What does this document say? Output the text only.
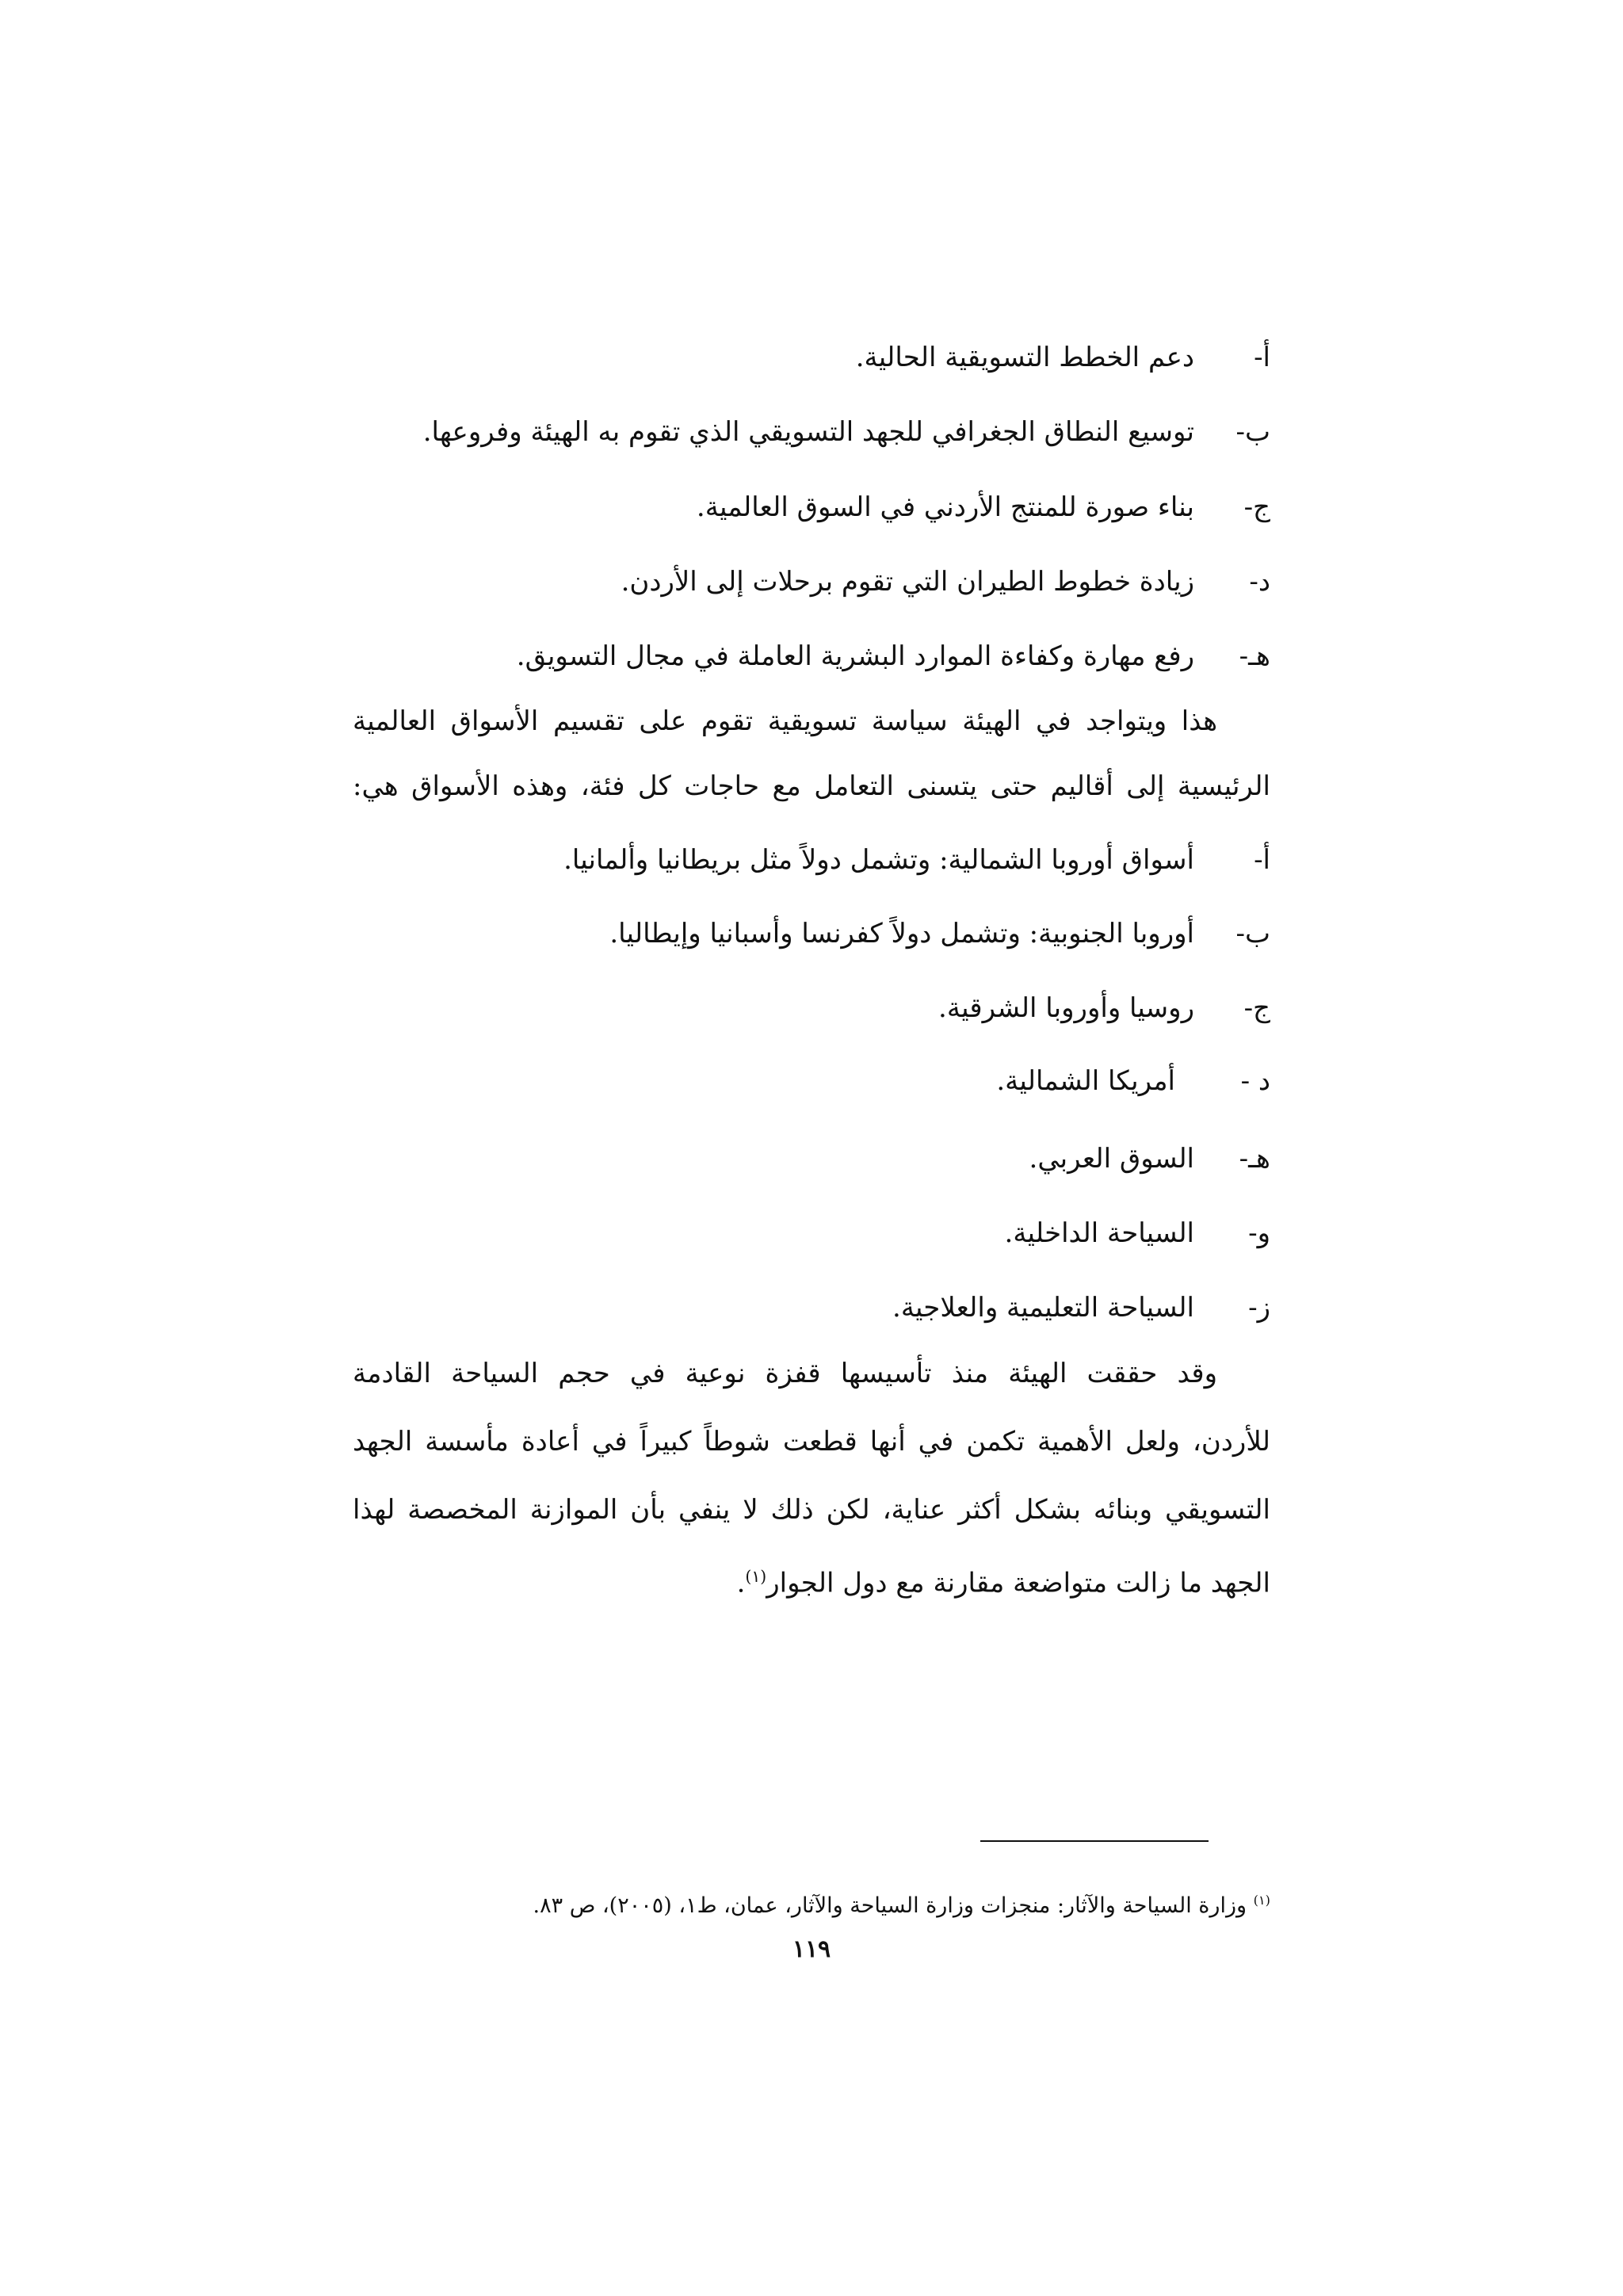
أ-
دعم الخطط التسويقية الحالية.
ب-
توسيع النطاق الجغرافي للجهد التسويقي الذي تقوم به الهيئة وفروعها.
ج-
بناء صورة للمنتج الأردني في السوق العالمية.
د-
زيادة خطوط الطيران التي تقوم برحلات إلى الأردن.
هـ-
رفع مهارة وكفاءة الموارد البشرية العاملة في مجال التسويق.
هذا ويتواجد في الهيئة سياسة تسويقية تقوم على تقسيم الأسواق العالمية
الرئيسية إلى أقاليم حتى يتسنى التعامل مع حاجات كل فئة، وهذه الأسواق هي:
أ-
أسواق أوروبا الشمالية: وتشمل دولاً مثل بريطانيا وألمانيا.
ب-
أوروبا الجنوبية: وتشمل دولاً كفرنسا وأسبانيا وإيطاليا.
ج-
روسيا وأوروبا الشرقية.
د -
أمريكا الشمالية.
هـ-
السوق العربي.
و-
السياحة الداخلية.
ز-
السياحة التعليمية والعلاجية.
وقد حققت الهيئة منذ تأسيسها قفزة نوعية في حجم السياحة القادمة
للأردن، ولعل الأهمية تكمن في أنها قطعت شوطاً كبيراً في أعادة مأسسة الجهد
التسويقي وبنائه بشكل أكثر عناية، لكن ذلك لا ينفي بأن الموازنة المخصصة لهذا
الجهد ما زالت متواضعة مقارنة مع دول الجوار$^{(١)}$.
$^{(١)}$ وزارة السياحة والآثار: منجزات وزارة السياحة والآثار، عمان، ط١، (٢٠٠٥)، ص ٨٣.
١١٩
